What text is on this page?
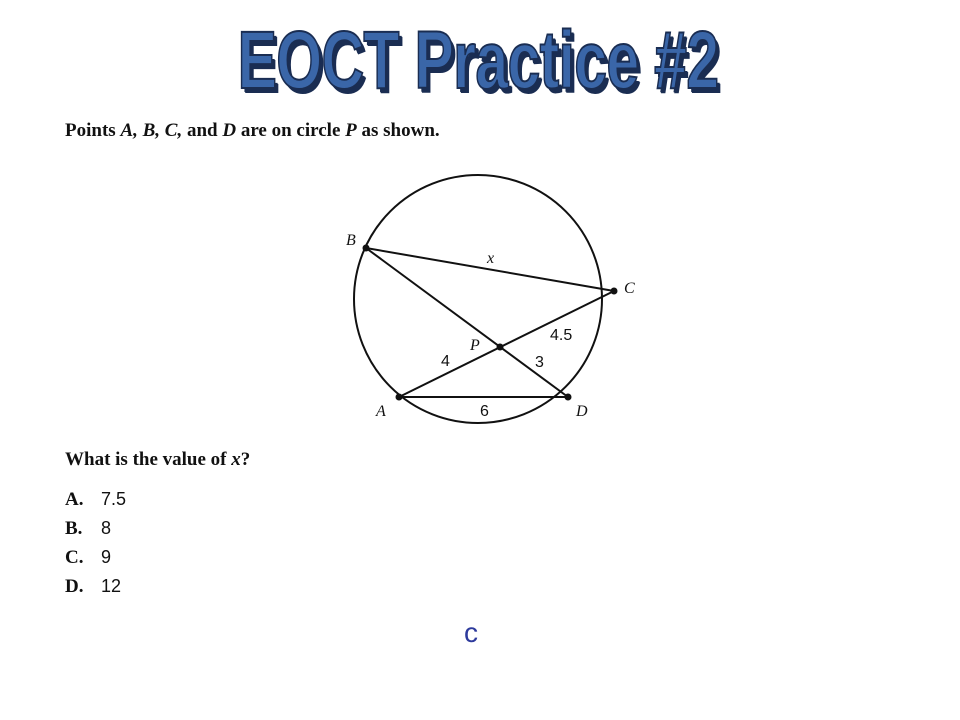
EOCT Practice #2
Points A, B, C, and D are on circle P as shown.
B
C
P
A	D
x
4.5
4	3
6
What is the value of x?
A. 7.5
B.	8
C. 9
D. 12
c
